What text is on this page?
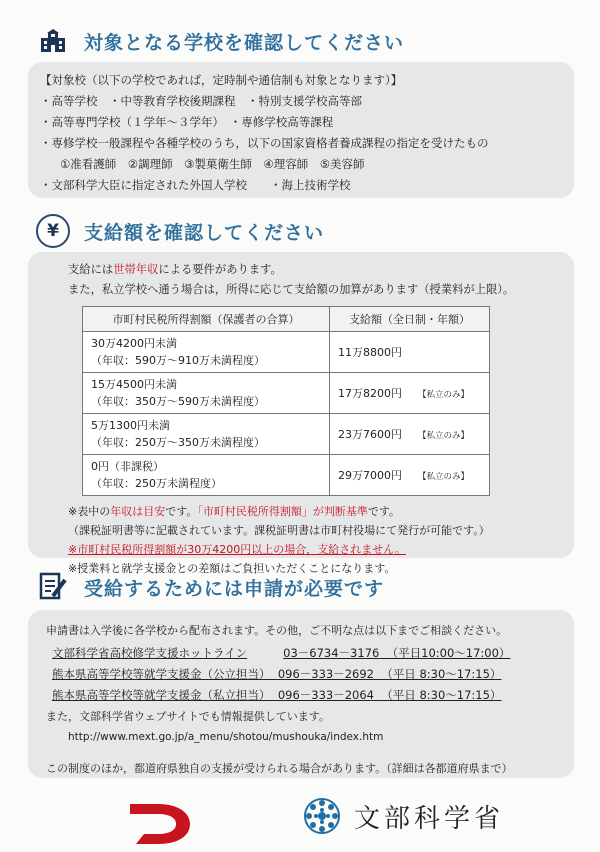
対象となる学校を確認してください
【対象校（以下の学校であれば，定時制や通信制も対象となります）】
・高等学校　・中等教育学校後期課程　・特別支援学校高等部
・高等専門学校（１学年～３学年）　・専修学校高等課程
・専修学校一般課程や各種学校のうち，以下の国家資格者養成課程の指定を受けたもの
①准看護師　②調理師　③製菓衛生師　④理容師　⑤美容師
・文部科学大臣に指定された外国人学校　　・海上技術学校
¥ 支給額を確認してください
支給には世帯年収による要件があります。
また，私立学校へ通う場合は，所得に応じて支給額の加算があります（授業料が上限）。
市町村民税所得割額（保護者の合算）	支給額（全日制・年額）

30万4200円未満
（年収：590万～910万未満程度）	11万8800円

15万4500円未満
（年収：350万～590万未満程度）	17万8200円 【私立のみ】

5万1300円未満
（年収：250万～350万未満程度）	23万7600円 【私立のみ】

0円（非課税）
（年収：250万未満程度）	29万7000円 【私立のみ】
※表中の年収は目安です。「市町村民税所得割額」が判断基準です。
（課税証明書等に記載されています。課税証明書は市町村役場にて発行が可能です。）
※市町村民税所得割額が30万4200円以上の場合，支給されません。
※授業料と就学支援金との差額はご負担いただくことになります。
受給するためには申請が必要です
申請書は入学後に各学校から配布されます。その他，ご不明な点は以下までご相談ください。
文部科学省高校修学支援ホットライン	03－6734－3176 （平日10:00～17:00）
熊本県高等学校等就学支援金（公立担当） 096－333－2692 （平日 8:30～17:15）
熊本県高等学校等就学支援金（私立担当） 096－333－2064 （平日 8:30～17:15）
また，文部科学省ウェブサイトでも情報提供しています。
http://www.mext.go.jp/a_menu/shotou/mushouka/index.htm
この制度のほか，都道府県独自の支援が受けられる場合があります。（詳細は各都道府県まで）
文部科学省
